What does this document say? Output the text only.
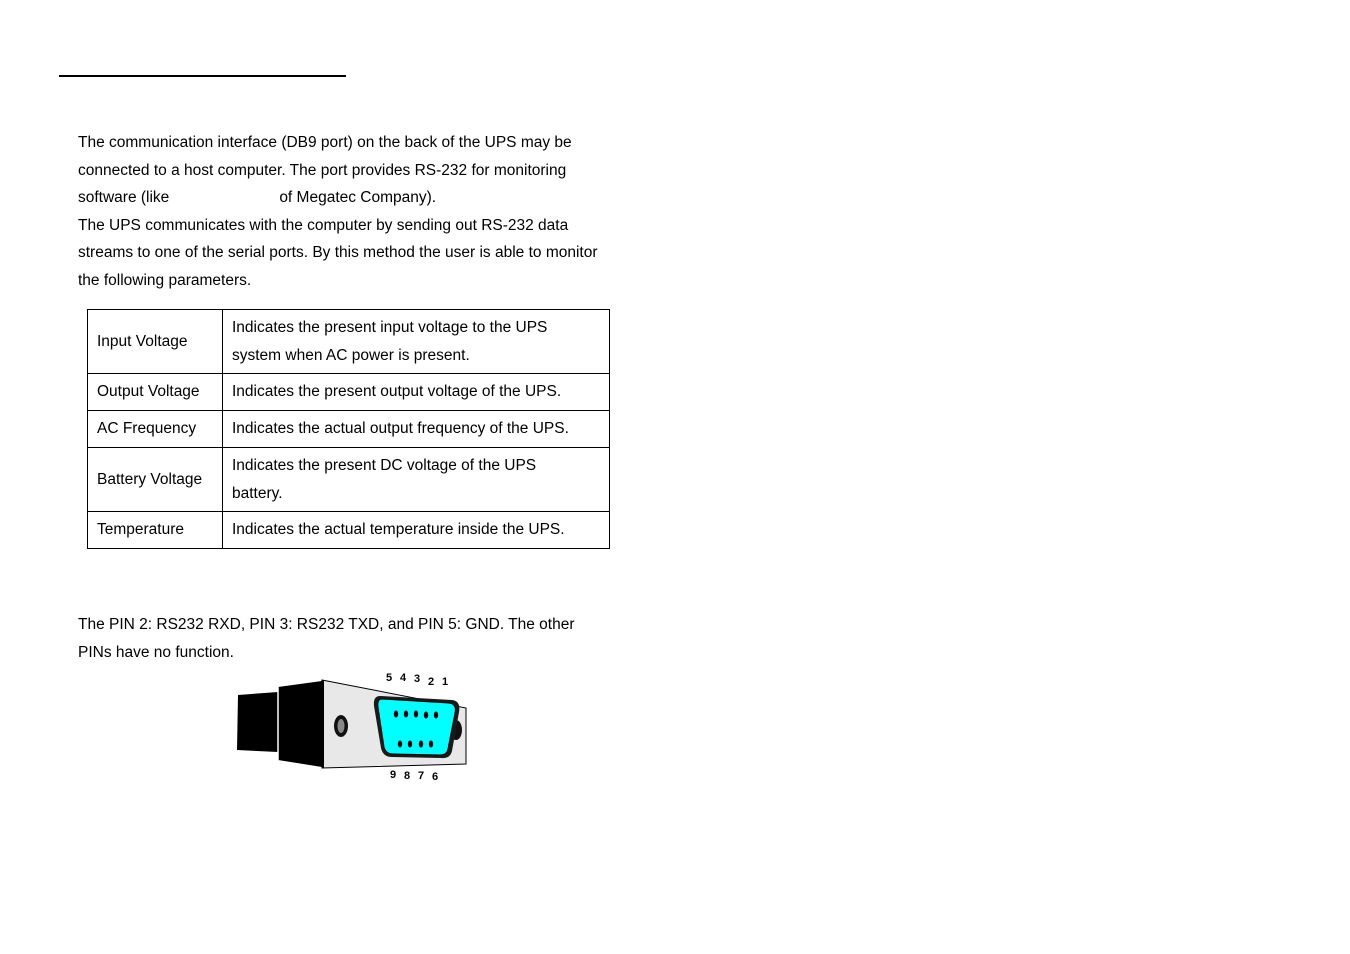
The communication interface (DB9 port) on the back of the UPS may be
connected to a host computer. The port provides RS-232 for monitoring
software (like	of Megatec Company).
The UPS communicates with the computer by sending out RS-232 data
streams to one of the serial ports. By this method the user is able to monitor
the following parameters.
Input Voltage	Indicates the present input voltage to the UPS
system when AC power is present.
Output Voltage	Indicates the present output voltage of the UPS.
AC Frequency	Indicates the actual output frequency of the UPS.
Battery Voltage	Indicates the present DC voltage of the UPS
battery.
Temperature	Indicates the actual temperature inside the UPS.
The PIN 2: RS232 RXD, PIN 3: RS232 TXD, and PIN 5: GND. The other
PINs have no function.
5 4 3 2 1
9 8 7 6
